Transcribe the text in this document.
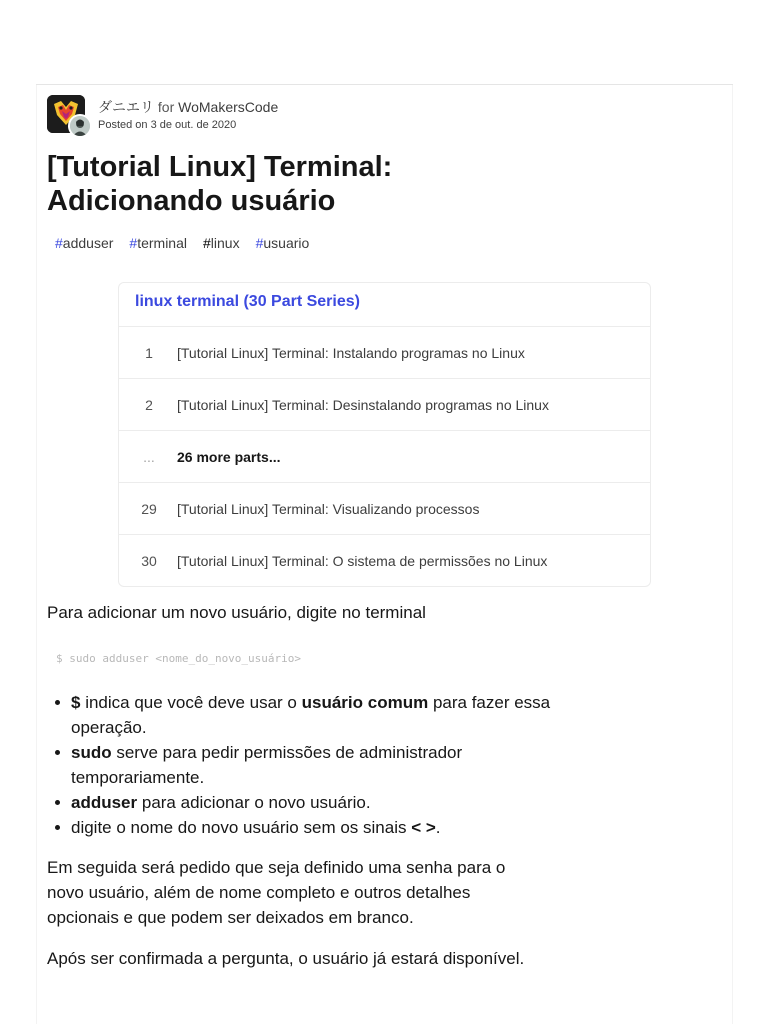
ダニエリ for WoMakersCode
Posted on 3 de out. de 2020
[Tutorial Linux] Terminal:
Adicionando usuário
#adduser	#terminal	#linux	#usuario
linux terminal (30 Part Series)
1	[Tutorial Linux] Terminal: Instalando programas no Linux
2	[Tutorial Linux] Terminal: Desinstalando programas no Linux
...	26 more parts...
29	[Tutorial Linux] Terminal: Visualizando processos
30	[Tutorial Linux] Terminal: O sistema de permissões no Linux

Para adicionar um novo usuário, digite no terminal

$ sudo adduser <nome_do_novo_usuário>
$ indica que você deve usar o usuário comum para fazer essa operação.
sudo serve para pedir permissões de administrador temporariamente.
adduser para adicionar o novo usuário.
digite o nome do novo usuário sem os sinais < >.

Em seguida será pedido que seja definido uma senha para o novo usuário, além de nome completo e outros detalhes opcionais e que podem ser deixados em branco.

Após ser confirmada a pergunta, o usuário já estará disponível.
